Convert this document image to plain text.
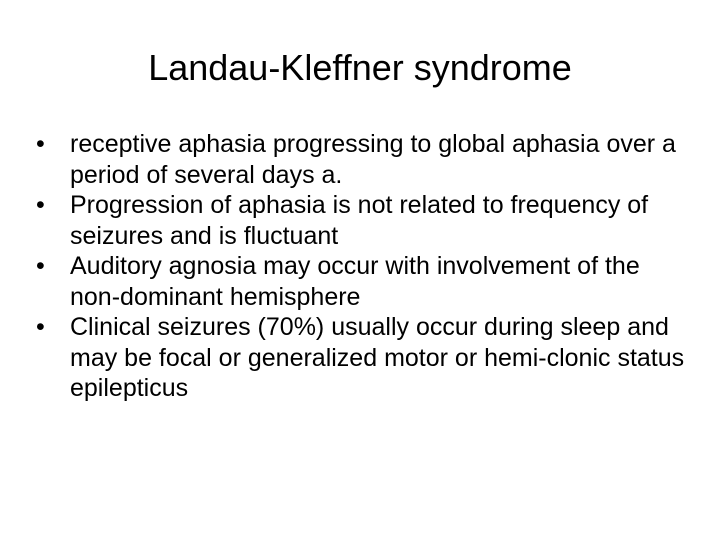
Landau-Kleffner syndrome
•	receptive aphasia progressing to global aphasia over a period of several days a.
•	Progression of aphasia is not related to frequency of seizures and is fluctuant
•	Auditory agnosia may occur with involvement of the non-dominant hemisphere
•	Clinical seizures (70%) usually occur during sleep and may be focal or generalized motor or hemi-clonic status epilepticus
